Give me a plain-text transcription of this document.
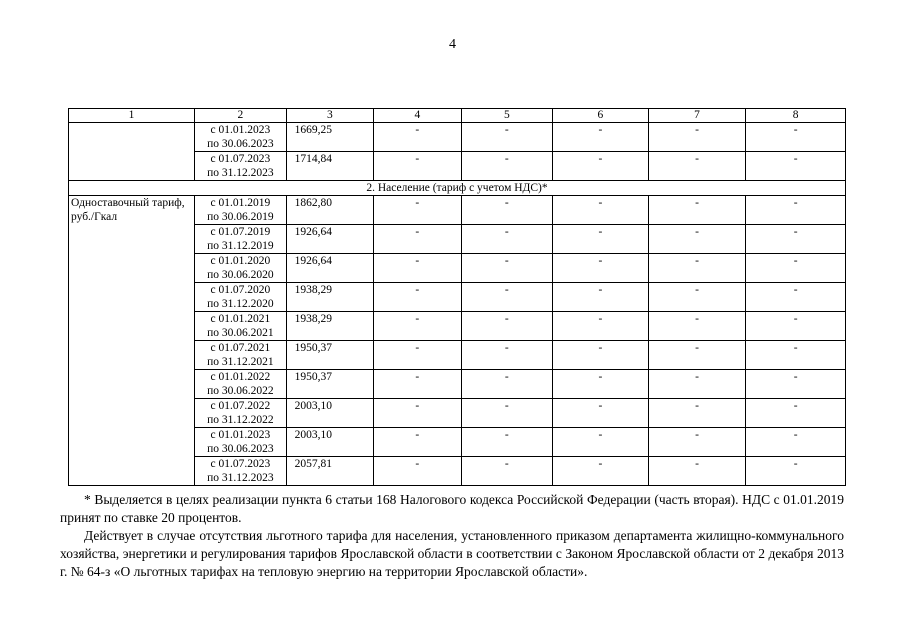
4
1	2	3	4	5	6	7	8

	с 01.01.2023
по 30.06.2023	1669,25	-	-	-	-	-

	с 01.07.2023
по 31.12.2023	1714,84	-	-	-	-	-
2. Население (тариф с учетом НДС)*							
Одноставочный тариф, руб./Гкал	с 01.01.2019
по 30.06.2019	1862,80	-	-	-	-	-

	с 01.07.2019
по 31.12.2019	1926,64	-	-	-	-	-

	с 01.01.2020
по 30.06.2020	1926,64	-	-	-	-	-

	с 01.07.2020
по 31.12.2020	1938,29	-	-	-	-	-

	с 01.01.2021
по 30.06.2021	1938,29	-	-	-	-	-

	с 01.07.2021
по 31.12.2021	1950,37	-	-	-	-	-

	с 01.01.2022
по 30.06.2022	1950,37	-	-	-	-	-

	с 01.07.2022
по 31.12.2022	2003,10	-	-	-	-	-

	с 01.01.2023
по 30.06.2023	2003,10	-	-	-	-	-

	с 01.07.2023
по 31.12.2023	2057,81	-	-	-	-	-

* Выделяется в целях реализации пункта 6 статьи 168 Налогового кодекса Российской Федерации (часть вторая). НДС с 01.01.2019 принят по ставке 20 процентов.

Действует в случае отсутствия льготного тарифа для населения, установленного приказом департамента жилищно-коммунального хозяйства, энергетики и регулирования тарифов Ярославской области в соответствии с Законом Ярославской области от 2 декабря 2013 г. № 64-з «О льготных тарифах на тепловую энергию на территории Ярославской области».
